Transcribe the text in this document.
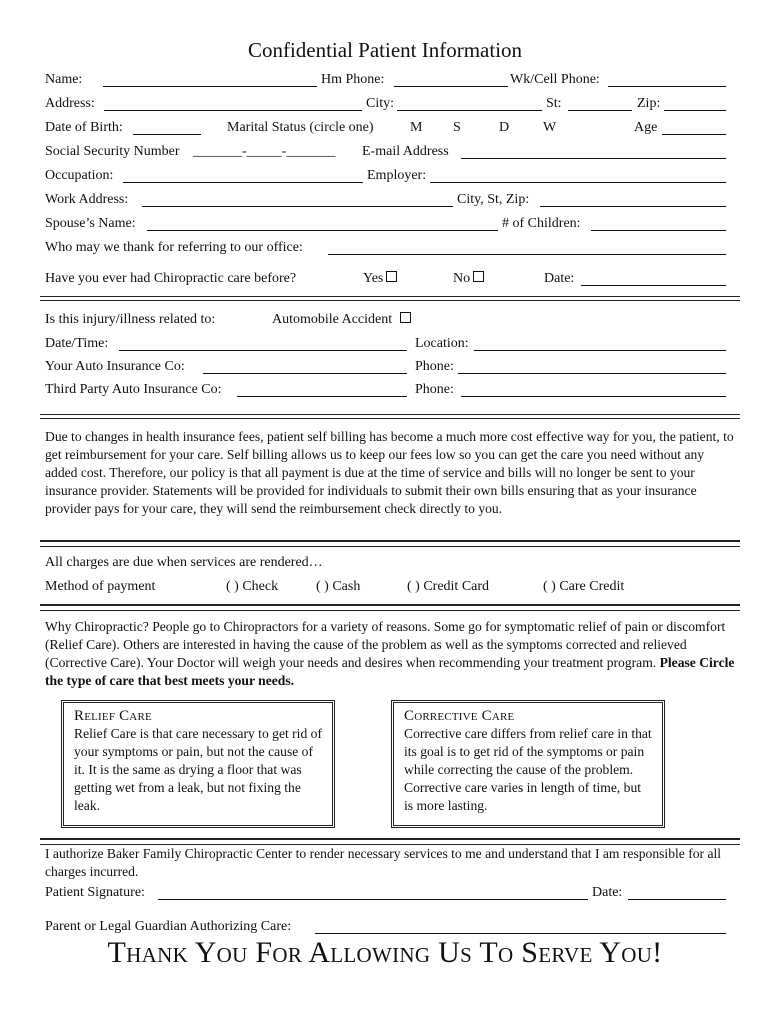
Confidential Patient Information
Name:	Hm Phone:	Wk/Cell Phone:
Address:	City:	St:	Zip:
Date of Birth:	Marital Status (circle one)	M S	D W	Age
Social Security Number _______-_____-_______ E-mail Address
Occupation:	Employer:
Work Address:	City, St, Zip:
Spouse’s Name:	# of Children:
Who may we thank for referring to our office:
Have you ever had Chiropractic care before?	Yes	No	Date:
Is this injury/illness related to:	Automobile Accident
Date/Time:	Location:
Your Auto Insurance Co:	Phone:
Third Party Auto Insurance Co:	Phone:
Due to changes in health insurance fees, patient self billing has become a much more cost effective way for you, the patient, to get reimbursement for your care. Self billing allows us to keep our fees low so you can get the care you need without any added cost. Therefore, our policy is that all payment is due at the time of service and bills will no longer be sent to your insurance provider. Statements will be provided for individuals to submit their own bills ensuring that as your insurance provider pays for your care, they will send the reimbursement check directly to you.
All charges are due when services are rendered…
Method of payment	( ) Check	( ) Cash	( ) Credit Card	( ) Care Credit
Why Chiropractic? People go to Chiropractors for a variety of reasons. Some go for symptomatic relief of pain or discomfort (Relief Care). Others are interested in having the cause of the problem as well as the symptoms corrected and relieved (Corrective Care). Your Doctor will weigh your needs and desires when recommending your treatment program. Please Circle the type of care that best meets your needs.
Relief Care
Relief Care is that care necessary to get rid of your symptoms or pain, but not the cause of it. It is the same as drying a floor that was getting wet from a leak, but not fixing the leak.
Corrective Care
Corrective care differs from relief care in that its goal is to get rid of the symptoms or pain while correcting the cause of the problem. Corrective care varies in length of time, but is more lasting.
I authorize Baker Family Chiropractic Center to render necessary services to me and understand that I am responsible for all charges incurred.
Patient Signature:	Date:
Parent or Legal Guardian Authorizing Care:
Thank You For Allowing Us To Serve You!
